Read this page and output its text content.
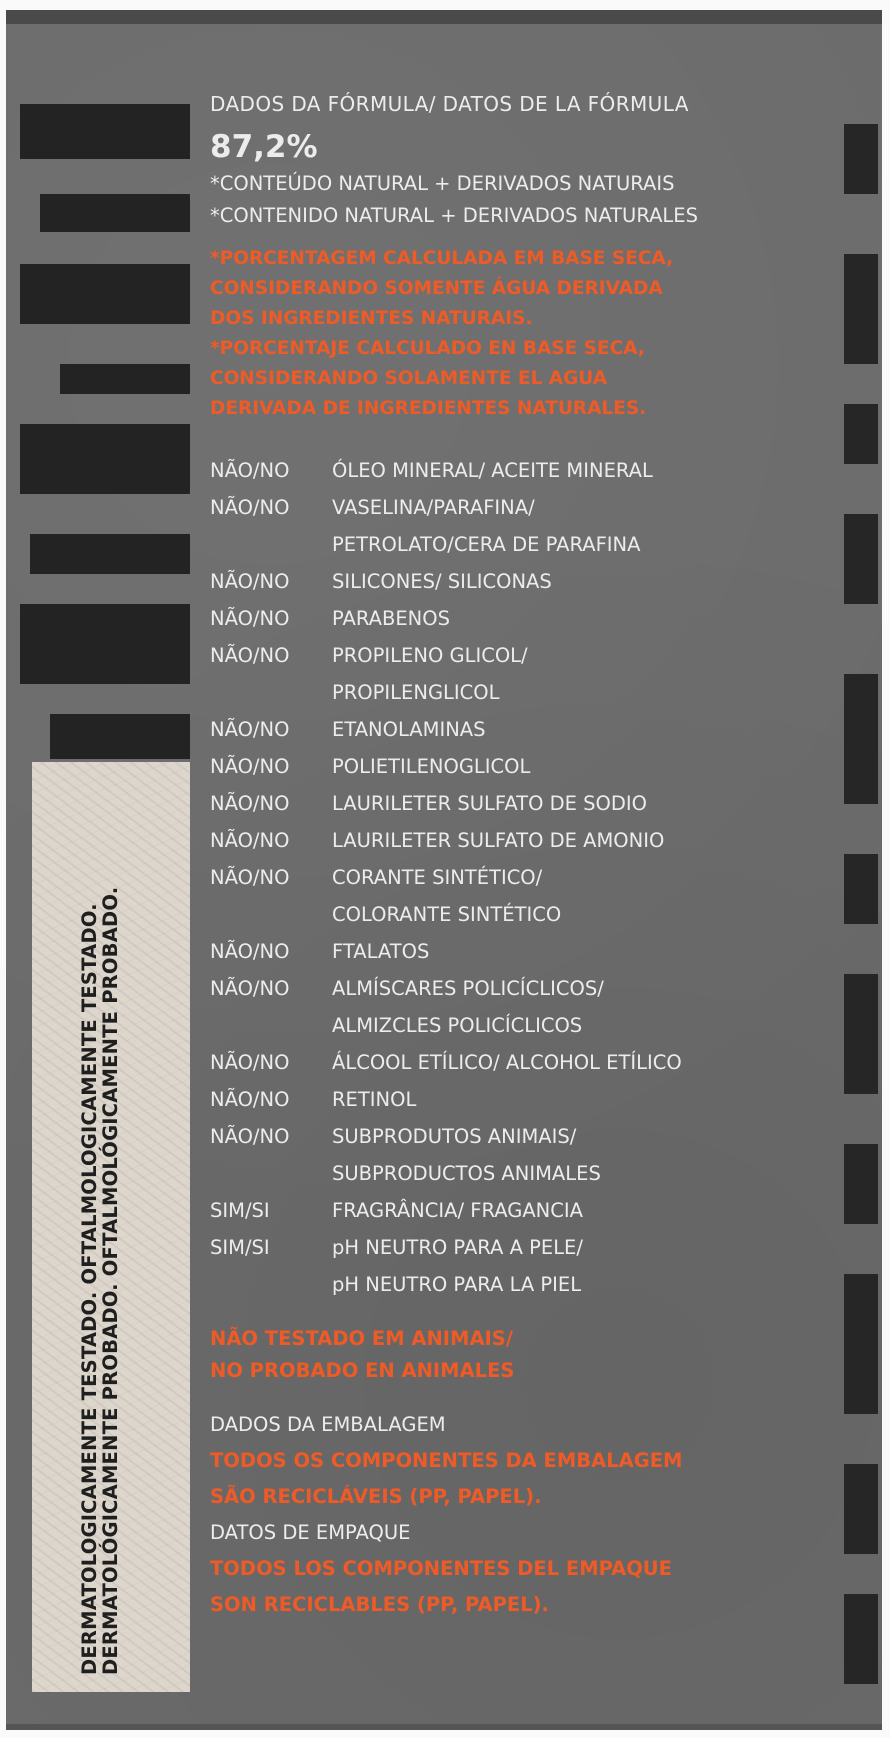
DERMATOLOGICAMENTE TESTADO. OFTALMOLOGICAMENTE TESTADO.
DERMATOLÓGICAMENTE PROBADO. OFTALMOLÓGICAMENTE PROBADO.
DADOS DA FÓRMULA/ DATOS DE LA FÓRMULA
87,2%
*CONTEÚDO NATURAL + DERIVADOS NATURAIS
*CONTENIDO NATURAL + DERIVADOS NATURALES
*PORCENTAGEM CALCULADA EM BASE SECA,
CONSIDERANDO SOMENTE ÁGUA DERIVADA
DOS INGREDIENTES NATURAIS.
*PORCENTAJE CALCULADO EN BASE SECA,
CONSIDERANDO SOLAMENTE EL AGUA
DERIVADA DE INGREDIENTES NATURALES.
NÃO/NO	ÓLEO MINERAL/ ACEITE MINERAL
NÃO/NO	VASELINA/PARAFINA/
PETROLATO/CERA DE PARAFINA
NÃO/NO	SILICONES/ SILICONAS
NÃO/NO	PARABENOS
NÃO/NO	PROPILENO GLICOL/
PROPILENGLICOL
NÃO/NO	ETANOLAMINAS
NÃO/NO	POLIETILENOGLICOL
NÃO/NO	LAURILETER SULFATO DE SODIO
NÃO/NO	LAURILETER SULFATO DE AMONIO
NÃO/NO	CORANTE SINTÉTICO/
COLORANTE SINTÉTICO
NÃO/NO	FTALATOS
NÃO/NO	ALMÍSCARES POLICÍCLICOS/
ALMIZCLES POLICÍCLICOS
NÃO/NO	ÁLCOOL ETÍLICO/ ALCOHOL ETÍLICO
NÃO/NO	RETINOL
NÃO/NO	SUBPRODUTOS ANIMAIS/
SUBPRODUCTOS ANIMALES
SIM/SI	FRAGRÂNCIA/ FRAGANCIA
SIM/SI	pH NEUTRO PARA A PELE/
pH NEUTRO PARA LA PIEL
NÃO TESTADO EM ANIMAIS/
NO PROBADO EN ANIMALES
DADOS DA EMBALAGEM
TODOS OS COMPONENTES DA EMBALAGEM
SÃO RECICLÁVEIS (PP, PAPEL).
DATOS DE EMPAQUE
TODOS LOS COMPONENTES DEL EMPAQUE
SON RECICLABLES (PP, PAPEL).
